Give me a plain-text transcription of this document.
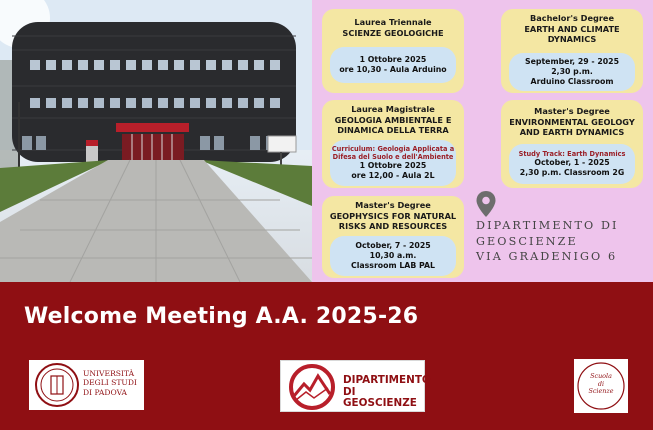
Laurea Triennale
SCIENZE GEOLOGICHE
1 Ottobre 2025
ore 10,30 - Aula Arduino
Bachelor's Degree
EARTH AND CLIMATE
DYNAMICS
September, 29 - 2025
2,30 p.m.
Arduino Classroom
Laurea Magistrale
GEOLOGIA AMBIENTALE E
DINAMICA DELLA TERRA
Curriculum: Geologia Applicata a
Difesa del Suolo e dell'Ambiente
1 Ottobre 2025
ore 12,00 - Aula 2L
Master's Degree
ENVIRONMENTAL GEOLOGY
AND EARTH DYNAMICS
Study Track: Earth Dynamics
October, 1 - 2025
2,30 p.m. Classroom 2G
Master's Degree
GEOPHYSICS FOR NATURAL
RISKS AND RESOURCES
October, 7 - 2025
10,30 a.m.
Classroom LAB PAL
DIPARTIMENTO DI
GEOSCIENZE
VIA GRADENIGO 6
Welcome Meeting A.A. 2025-26
UNIVERSITÀ
DEGLI STUDI
DI PADOVA
DIPARTIMENTO
DI GEOSCIENZE
Scuola
di
Scienze
